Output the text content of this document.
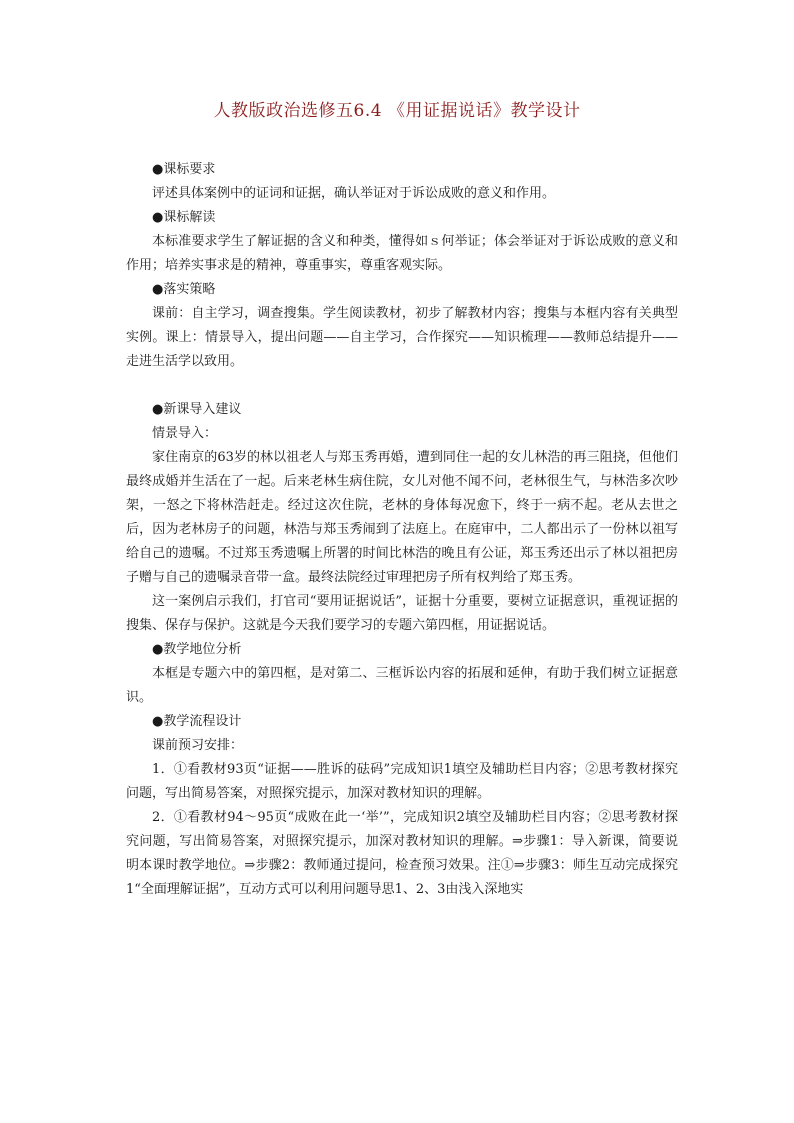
人教版政治选修五6.4 《用证据说话》教学设计

●课标要求

评述具体案例中的证词和证据，确认举证对于诉讼成败的意义和作用。

●课标解读

本标准要求学生了解证据的含义和种类，懂得如ｓ何举证；体会举证对于诉讼成败的意义和作用；培养实事求是的精神，尊重事实，尊重客观实际。

●落实策略

课前：自主学习，调查搜集。学生阅读教材，初步了解教材内容；搜集与本框内容有关典型实例。课上：情景导入，提出问题——自主学习，合作探究——知识梳理——教师总结提升——走进生活学以致用。

●新课导入建议

情景导入：

家住南京的63岁的林以祖老人与郑玉秀再婚，遭到同住一起的女儿林浩的再三阻挠，但他们最终成婚并生活在了一起。后来老林生病住院，女儿对他不闻不问，老林很生气，与林浩多次吵架，一怒之下将林浩赶走。经过这次住院，老林的身体每况愈下，终于一病不起。老从去世之后，因为老林房子的问题，林浩与郑玉秀闹到了法庭上。在庭审中，二人都出示了一份林以祖写给自己的遗嘱。不过郑玉秀遗嘱上所署的时间比林浩的晚且有公证，郑玉秀还出示了林以祖把房子赠与自己的遗嘱录音带一盒。最终法院经过审理把房子所有权判给了郑玉秀。

这一案例启示我们，打官司“要用证据说话”，证据十分重要，要树立证据意识，重视证据的搜集、保存与保护。这就是今天我们要学习的专题六第四框，用证据说话。

●教学地位分析

本框是专题六中的第四框，是对第二、三框诉讼内容的拓展和延伸，有助于我们树立证据意识。

●教学流程设计

课前预习安排：

1．①看教材93页“证据——胜诉的砝码”完成知识1填空及辅助栏目内容；②思考教材探究问题，写出简易答案，对照探究提示，加深对教材知识的理解。

2．①看教材94～95页“成败在此一‘举’”，完成知识2填空及辅助栏目内容；②思考教材探究问题，写出简易答案，对照探究提示，加深对教材知识的理解。⇒步骤1：导入新课，简要说明本课时教学地位。⇒步骤2：教师通过提问，检查预习效果。注①⇒步骤3：师生互动完成探究1“全面理解证据”，互动方式可以利用问题导思1、2、3由浅入深地实
